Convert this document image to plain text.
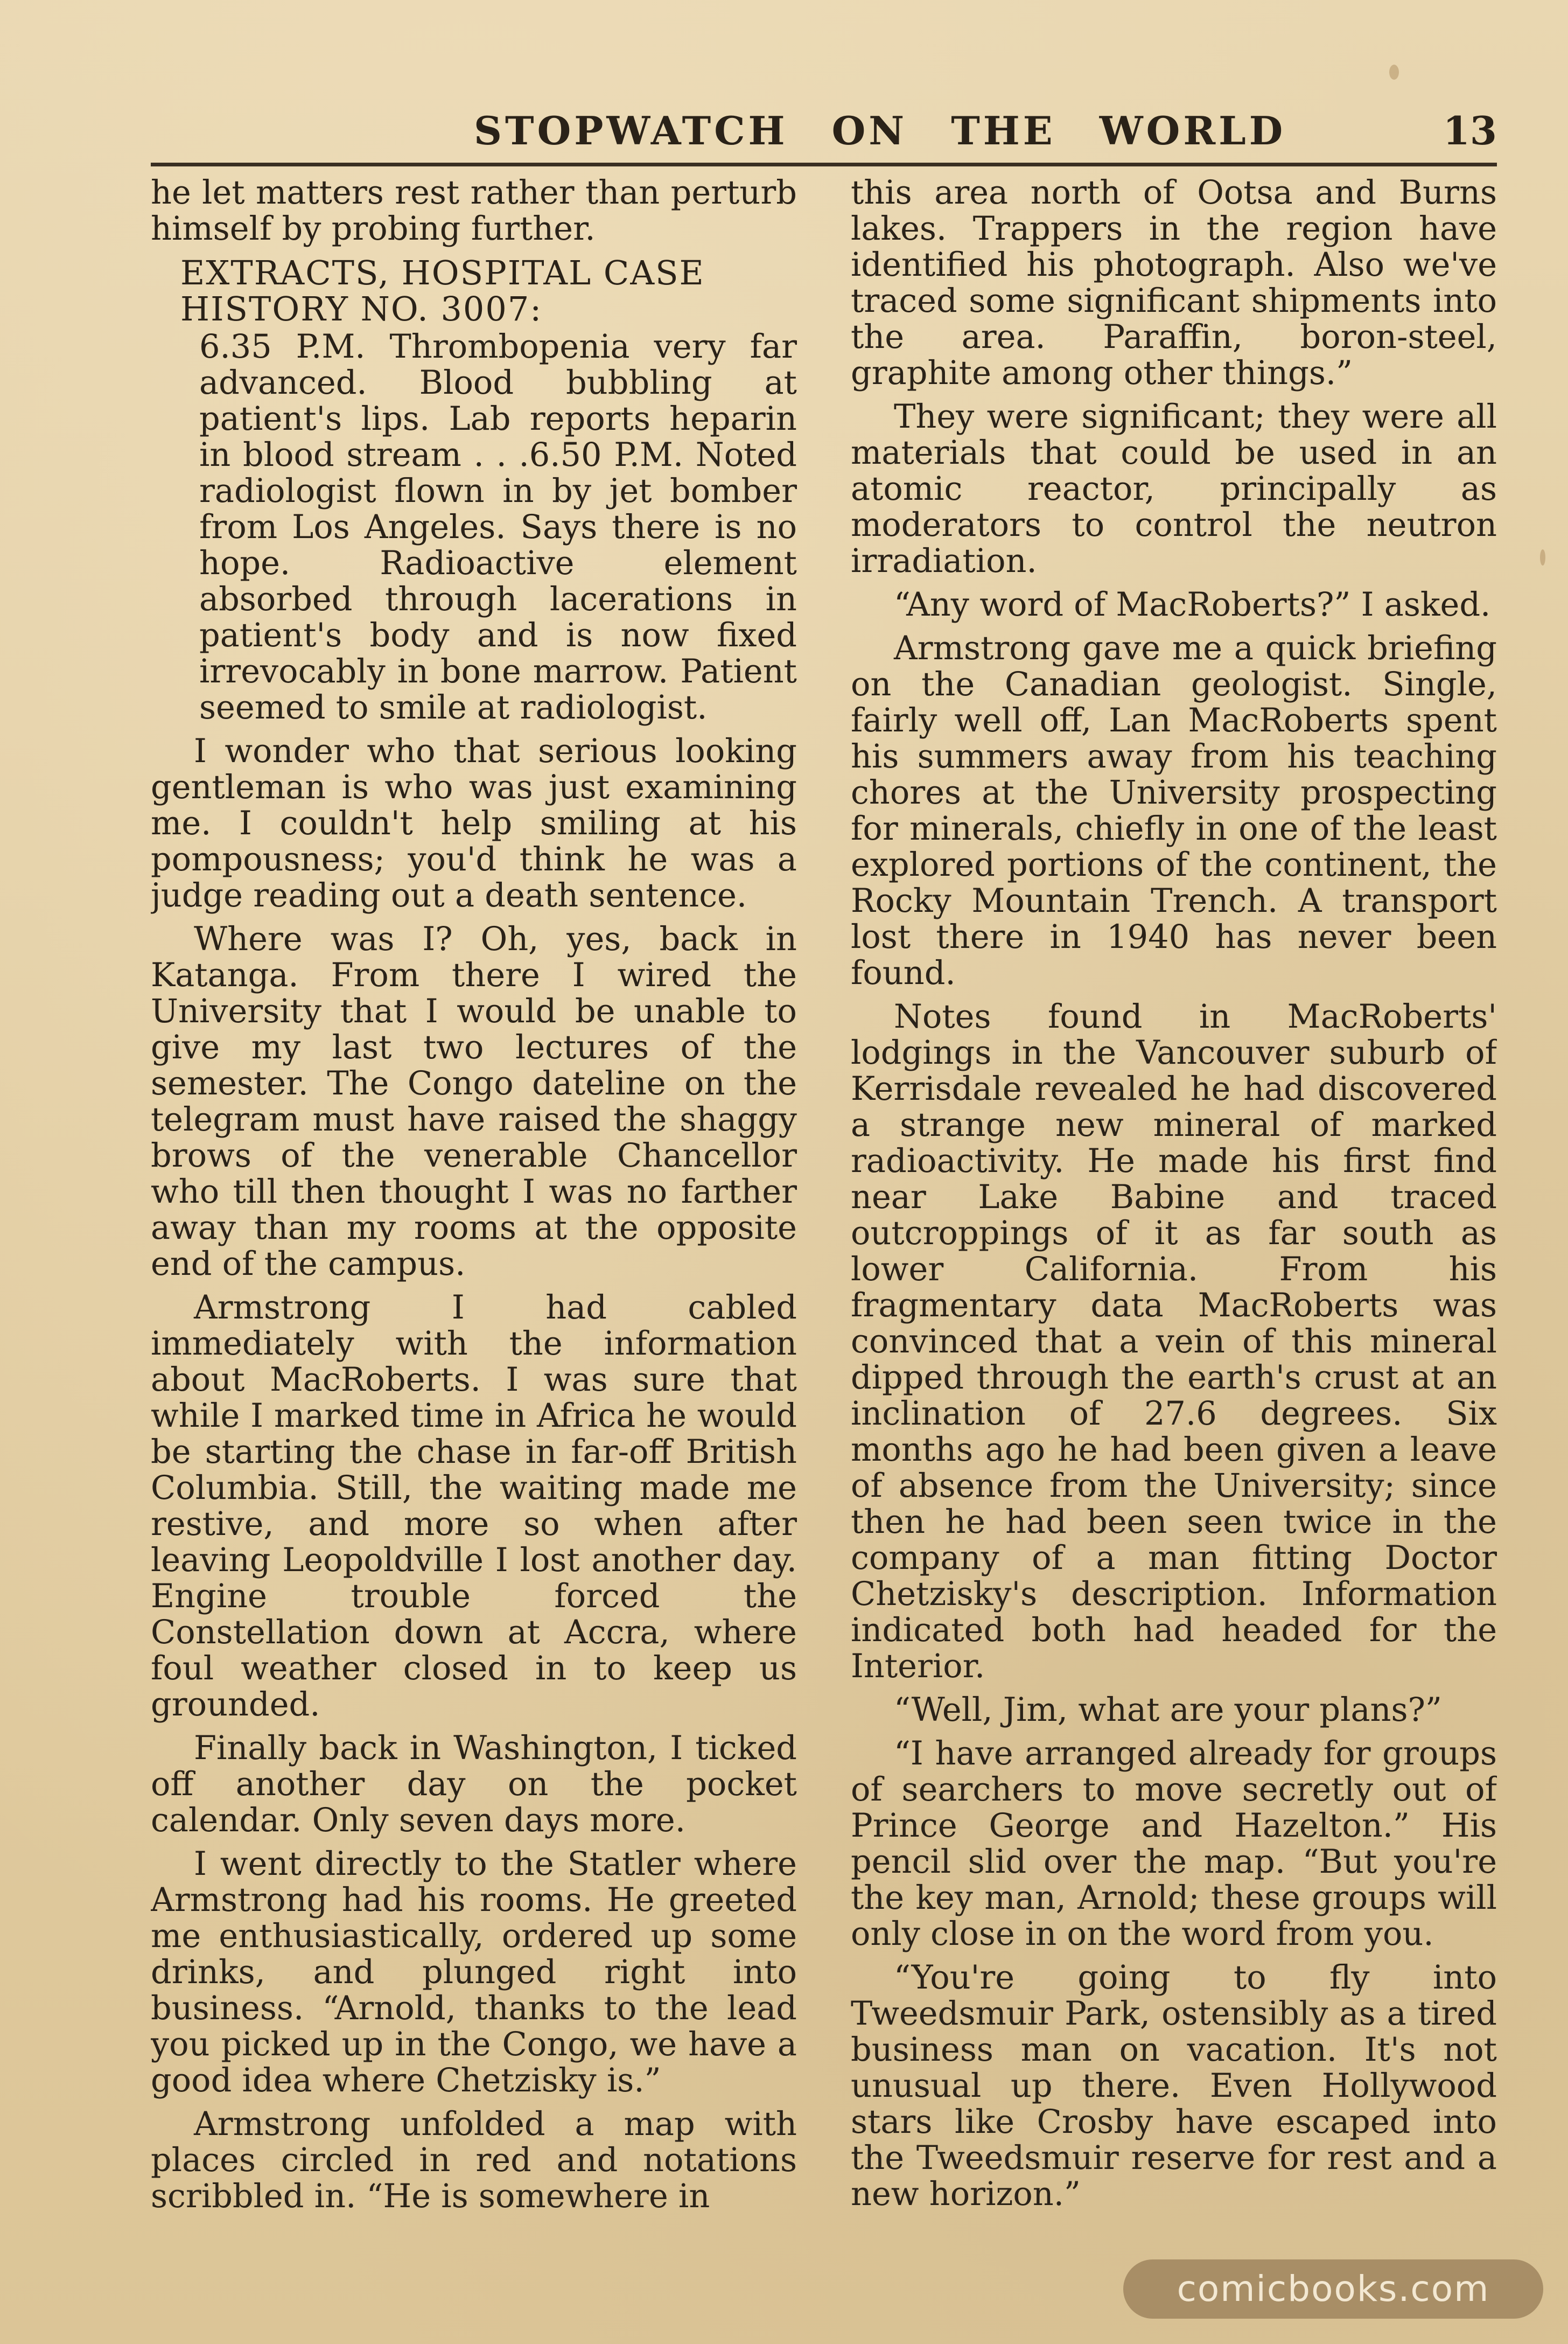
STOPWATCH ON THE WORLD	13

he let matters rest rather than perturb himself by probing further.

EXTRACTS, HOSPITAL CASE HISTORY NO. 3007:

6.35 P.M. Thrombopenia very far advanced. Blood bubbling at patient's lips. Lab reports heparin in blood stream . . .6.50 P.M. Noted radiologist flown in by jet bomber from Los Angeles. Says there is no hope. Radioactive element absorbed through lacerations in patient's body and is now fixed irrevocably in bone marrow. Patient seemed to smile at radiologist.

I wonder who that serious looking gentleman is who was just examining me. I couldn't help smiling at his pompousness; you'd think he was a judge reading out a death sentence.

Where was I? Oh, yes, back in Katanga. From there I wired the University that I would be unable to give my last two lectures of the semester. The Congo dateline on the telegram must have raised the shaggy brows of the venerable Chancellor who till then thought I was no farther away than my rooms at the opposite end of the campus.

Armstrong I had cabled immediately with the information about MacRoberts. I was sure that while I marked time in Africa he would be starting the chase in far-off British Columbia. Still, the waiting made me restive, and more so when after leaving Leopoldville I lost another day. Engine trouble forced the Constellation down at Accra, where foul weather closed in to keep us grounded.

Finally back in Washington, I ticked off another day on the pocket calendar. Only seven days more.

I went directly to the Statler where Armstrong had his rooms. He greeted me enthusiastically, ordered up some drinks, and plunged right into business. “Arnold, thanks to the lead you picked up in the Congo, we have a good idea where Chetzisky is.”

Armstrong unfolded a map with places circled in red and notations scribbled in. “He is somewhere in

this area north of Ootsa and Burns lakes. Trappers in the region have identified his photograph. Also we've traced some significant shipments into the area. Paraffin, boron-steel, graphite among other things.”

They were significant; they were all materials that could be used in an atomic reactor, principally as moderators to control the neutron irradiation.

“Any word of MacRoberts?” I asked.

Armstrong gave me a quick briefing on the Canadian geologist. Single, fairly well off, Lan MacRoberts spent his summers away from his teaching chores at the University prospecting for minerals, chiefly in one of the least explored portions of the continent, the Rocky Mountain Trench. A transport lost there in 1940 has never been found.

Notes found in MacRoberts' lodgings in the Vancouver suburb of Kerrisdale revealed he had discovered a strange new mineral of marked radioactivity. He made his first find near Lake Babine and traced outcroppings of it as far south as lower California. From his fragmentary data MacRoberts was convinced that a vein of this mineral dipped through the earth's crust at an inclination of 27.6 degrees. Six months ago he had been given a leave of absence from the University; since then he had been seen twice in the company of a man fitting Doctor Chetzisky's description. Information indicated both had headed for the Interior.

“Well, Jim, what are your plans?”

“I have arranged already for groups of searchers to move secretly out of Prince George and Hazelton.” His pencil slid over the map. “But you're the key man, Arnold; these groups will only close in on the word from you.

“You're going to fly into Tweedsmuir Park, ostensibly as a tired business man on vacation. It's not unusual up there. Even Hollywood stars like Crosby have escaped into the Tweedsmuir reserve for rest and a new horizon.”

comicbooks.com
